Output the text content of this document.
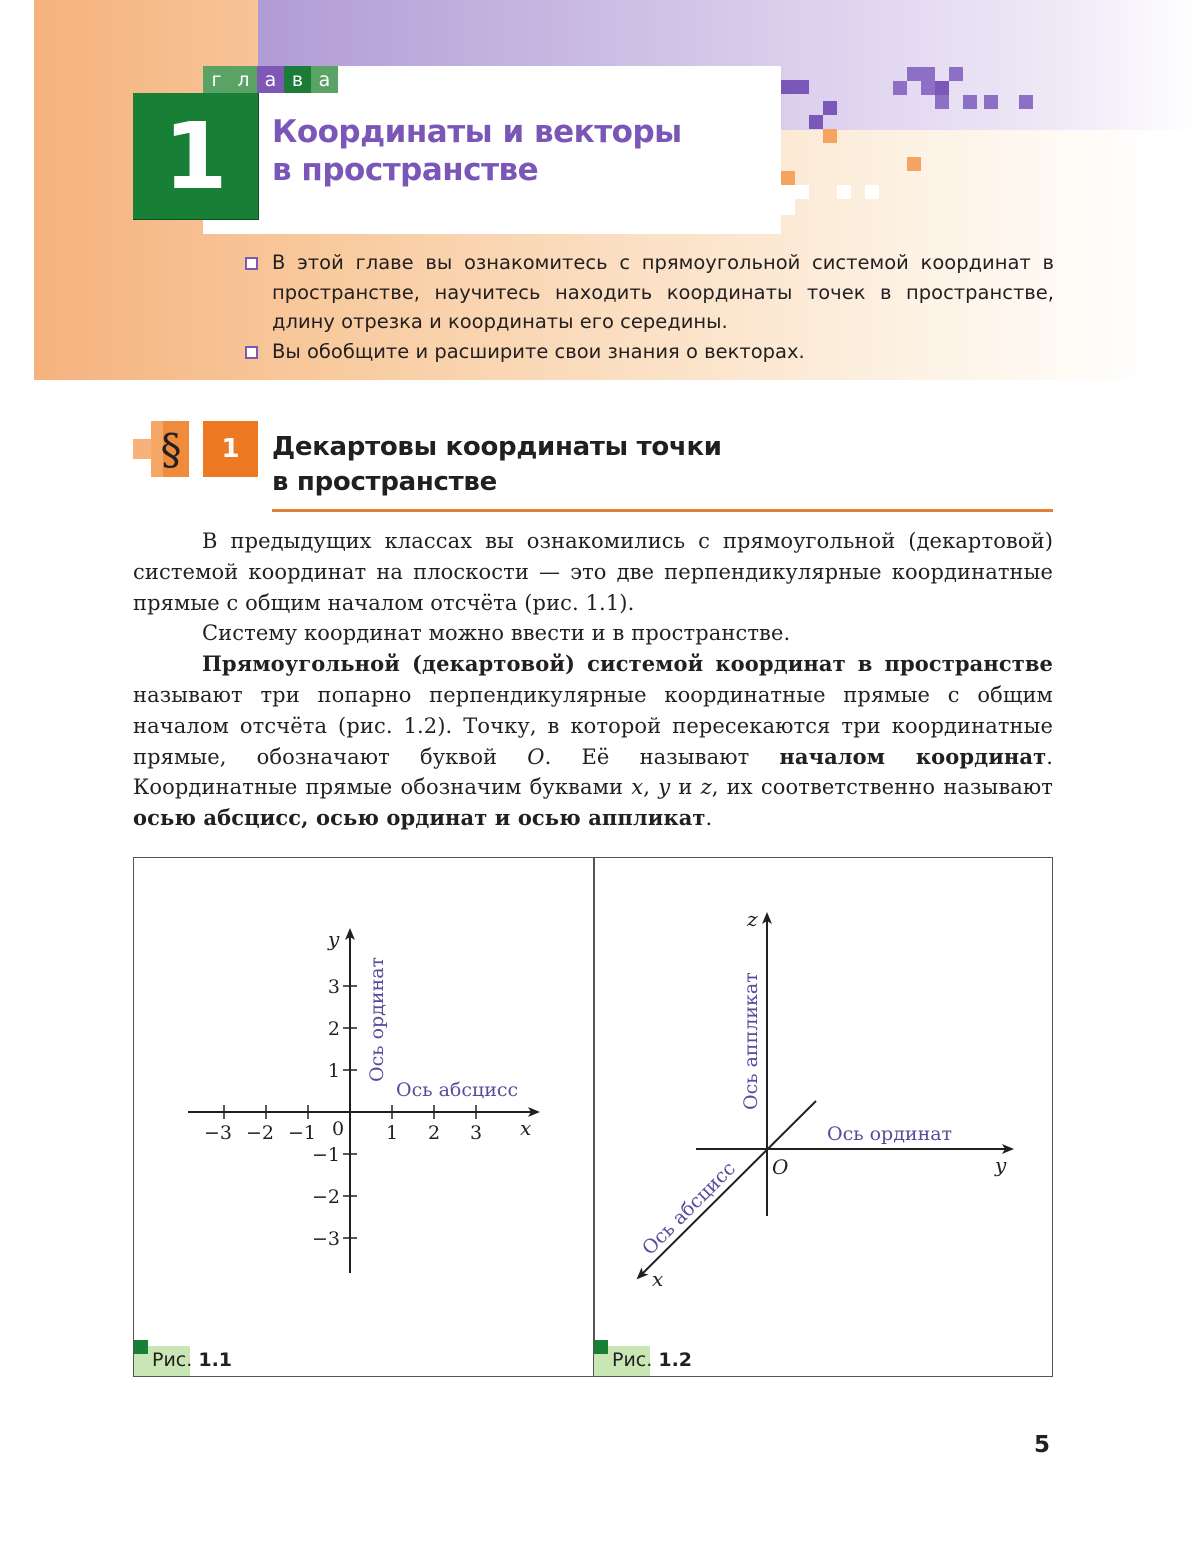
г л а в а
1	Координаты и векторы
в пространстве
В этой главе вы ознакомитесь с прямоугольной системой координат в пространстве, научитесь находить координаты точек в пространстве, длину отрезка и координаты его середины.
Вы обобщите и расширите свои знания о векторах.
§	1	Декартовы координаты точки
в пространстве

В предыдущих классах вы ознакомились с прямоугольной (декартовой) системой координат на плоскости — это две перпендикулярные координатные прямые с общим началом отсчёта (рис. 1.1).

Систему координат можно ввести и в пространстве.

Прямоугольной (декартовой) системой координат в пространстве называют три попарно перпендикулярные координатные прямые с общим началом отсчёта (рис. 1.2). Точку, в которой пересекаются три координатные прямые, обозначают буквой O. Её называют началом координат. Координатные прямые обозначим буквами x, y и z, их соответственно называют осью абсцисс, осью ординат и осью аппликат.

−3 −2 −1	1 2 3
3
2
1
−1
−2
−3
0	x
y
Ось абсцисс
Ось ординат
Рис. 1.1
O	y
z
x
Ось ординат
Ось аппликат
Ось абсцисс
Рис. 1.2
5
